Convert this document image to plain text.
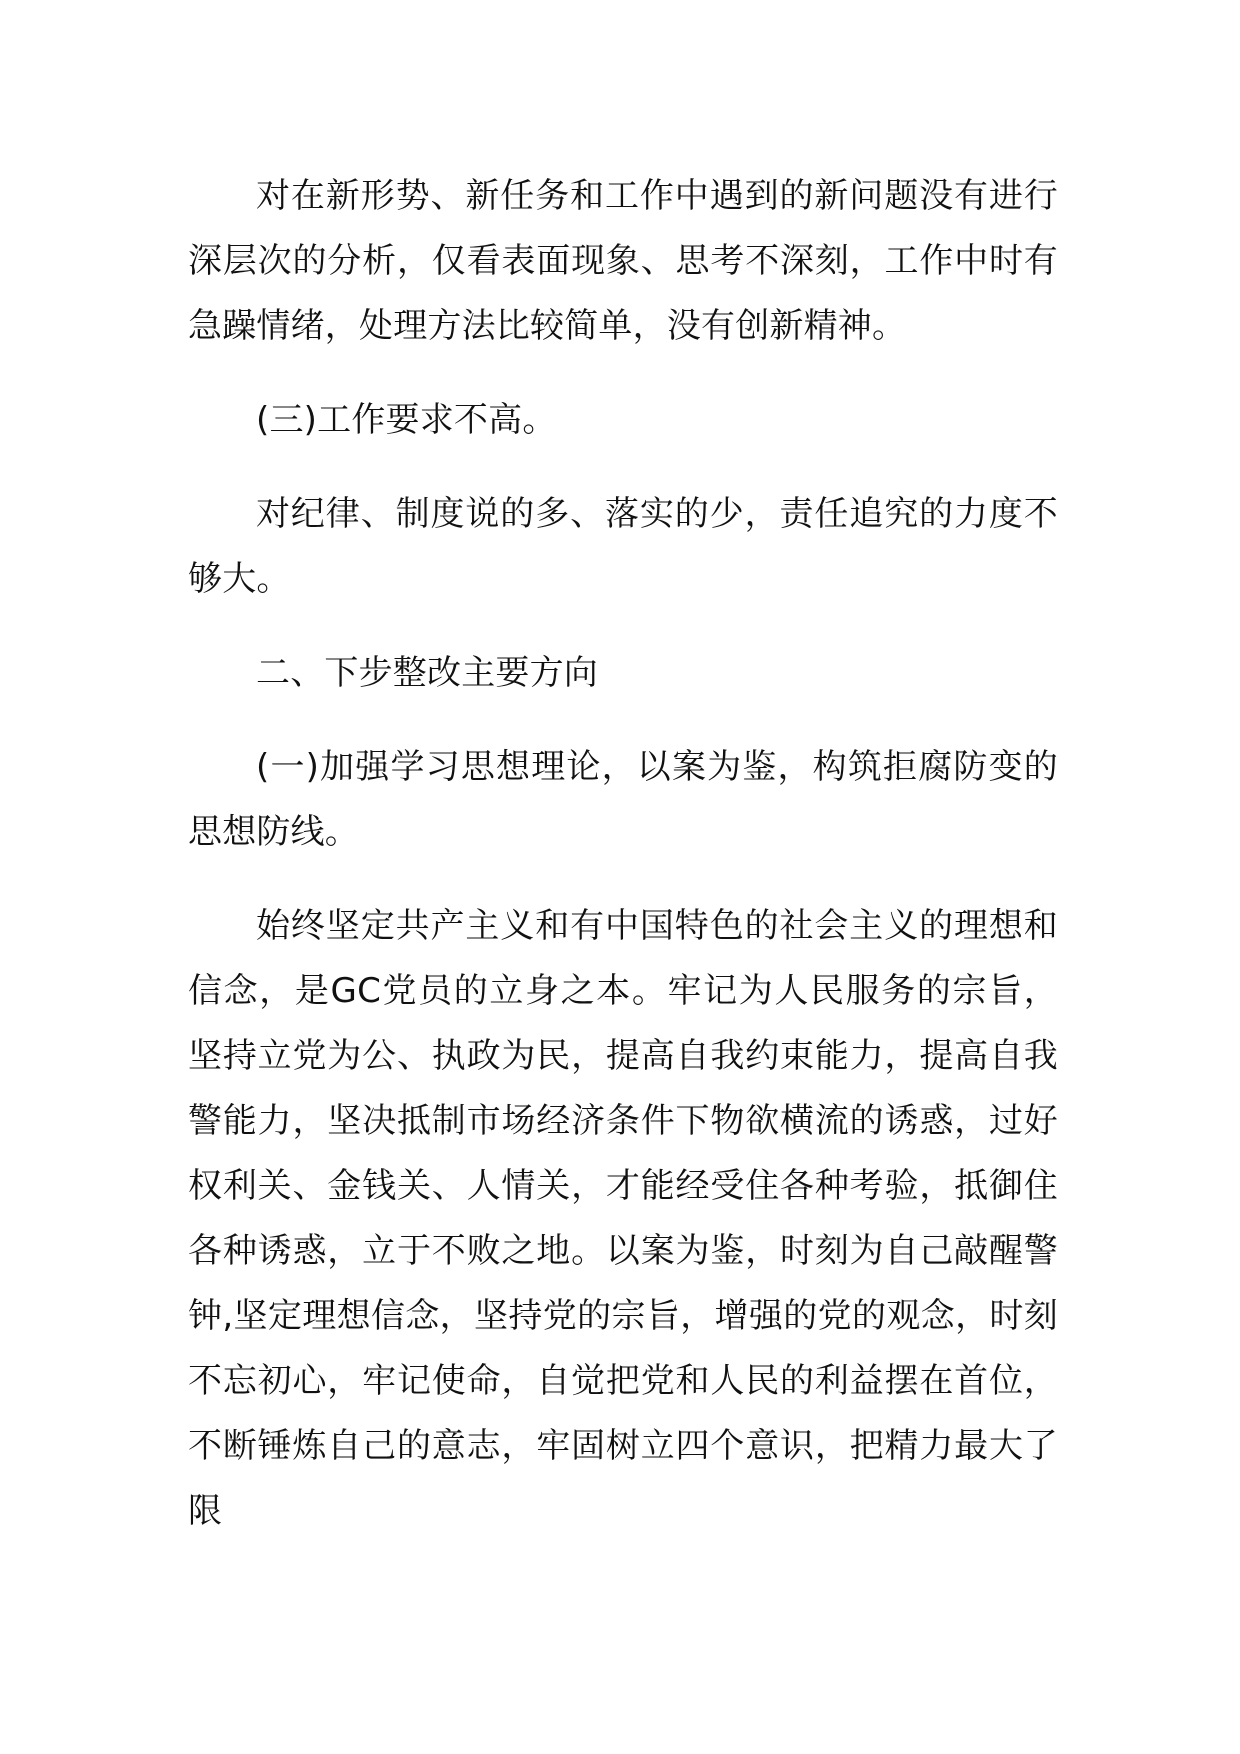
对在新形势、新任务和工作中遇到的新问题没有进行深层次的分析，仅看表面现象、思考不深刻，工作中时有急躁情绪，处理方法比较简单，没有创新精神。

(三)工作要求不高。

对纪律、制度说的多、落实的少，责任追究的力度不够大。

二、下步整改主要方向

(一)加强学习思想理论，以案为鉴，构筑拒腐防变的思想防线。

始终坚定共产主义和有中国特色的社会主义的理想和信念，是GC党员的立身之本。牢记为人民服务的宗旨，坚持立党为公、执政为民，提高自我约束能力，提高自我警能力，坚决抵制市场经济条件下物欲横流的诱惑，过好权利关、金钱关、人情关，才能经受住各种考验，抵御住各种诱惑，立于不败之地。以案为鉴，时刻为自己敲醒警钟,坚定理想信念，坚持党的宗旨，增强的党的观念，时刻不忘初心，牢记使命，自觉把党和人民的利益摆在首位，不断锤炼自己的意志，牢固树立四个意识，把精力最大了限
